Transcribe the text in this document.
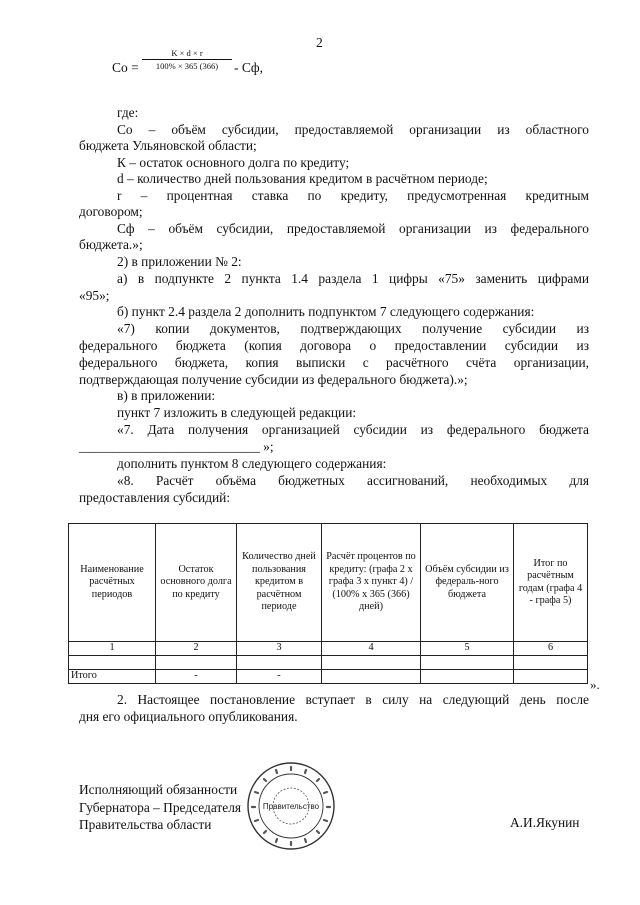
2
$Co = \frac{K \times d \times r}{100\% \times 365 (366)}$ - Сф,
где:
Со – объём субсидии, предоставляемой организации из областного
бюджета Ульяновской области;
К – остаток основного долга по кредиту;
d – количество дней пользования кредитом в расчётном периоде;
r – процентная ставка по кредиту, предусмотренная кредитным
договором;
Сф – объём субсидии, предоставляемой организации из федерального
бюджета.»;
2) в приложении № 2:
а) в подпункте 2 пункта 1.4 раздела 1 цифры «75» заменить цифрами
«95»;
б) пункт 2.4 раздела 2 дополнить подпунктом 7 следующего содержания:
«7) копии документов, подтверждающих получение субсидии из
федерального бюджета (копия договора о предоставлении субсидии из
федерального бюджета, копия выписки с расчётного счёта организации,
подтверждающая получение субсидии из федерального бюджета).»;
в) в приложении:
пункт 7 изложить в следующей редакции:
«7. Дата получения организацией субсидии из федерального бюджета
___________________________ »;
дополнить пунктом 8 следующего содержания:
«8. Расчёт объёма бюджетных ассигнований, необходимых для
предоставления субсидий:
Наименование расчётных периодов	Остаток основного долга по кредиту	Количество дней пользования кредитом в расчётном периоде	Расчёт процентов по кредиту: (графа 2 х графа 3 х пункт 4) / (100% х 365 (366) дней)	Объём субсидии из федераль-ного бюджета	Итог по расчётным годам (графа 4 - графа 5)
1	2	3	4	5	6

Итого	-	-			
».
2. Настоящее постановление вступает в силу на следующий день после
дня его официального опубликования.
Исполняющий обязанности
Губернатора – Председателя
Правительства области	А.И.Якунин
Правительство
